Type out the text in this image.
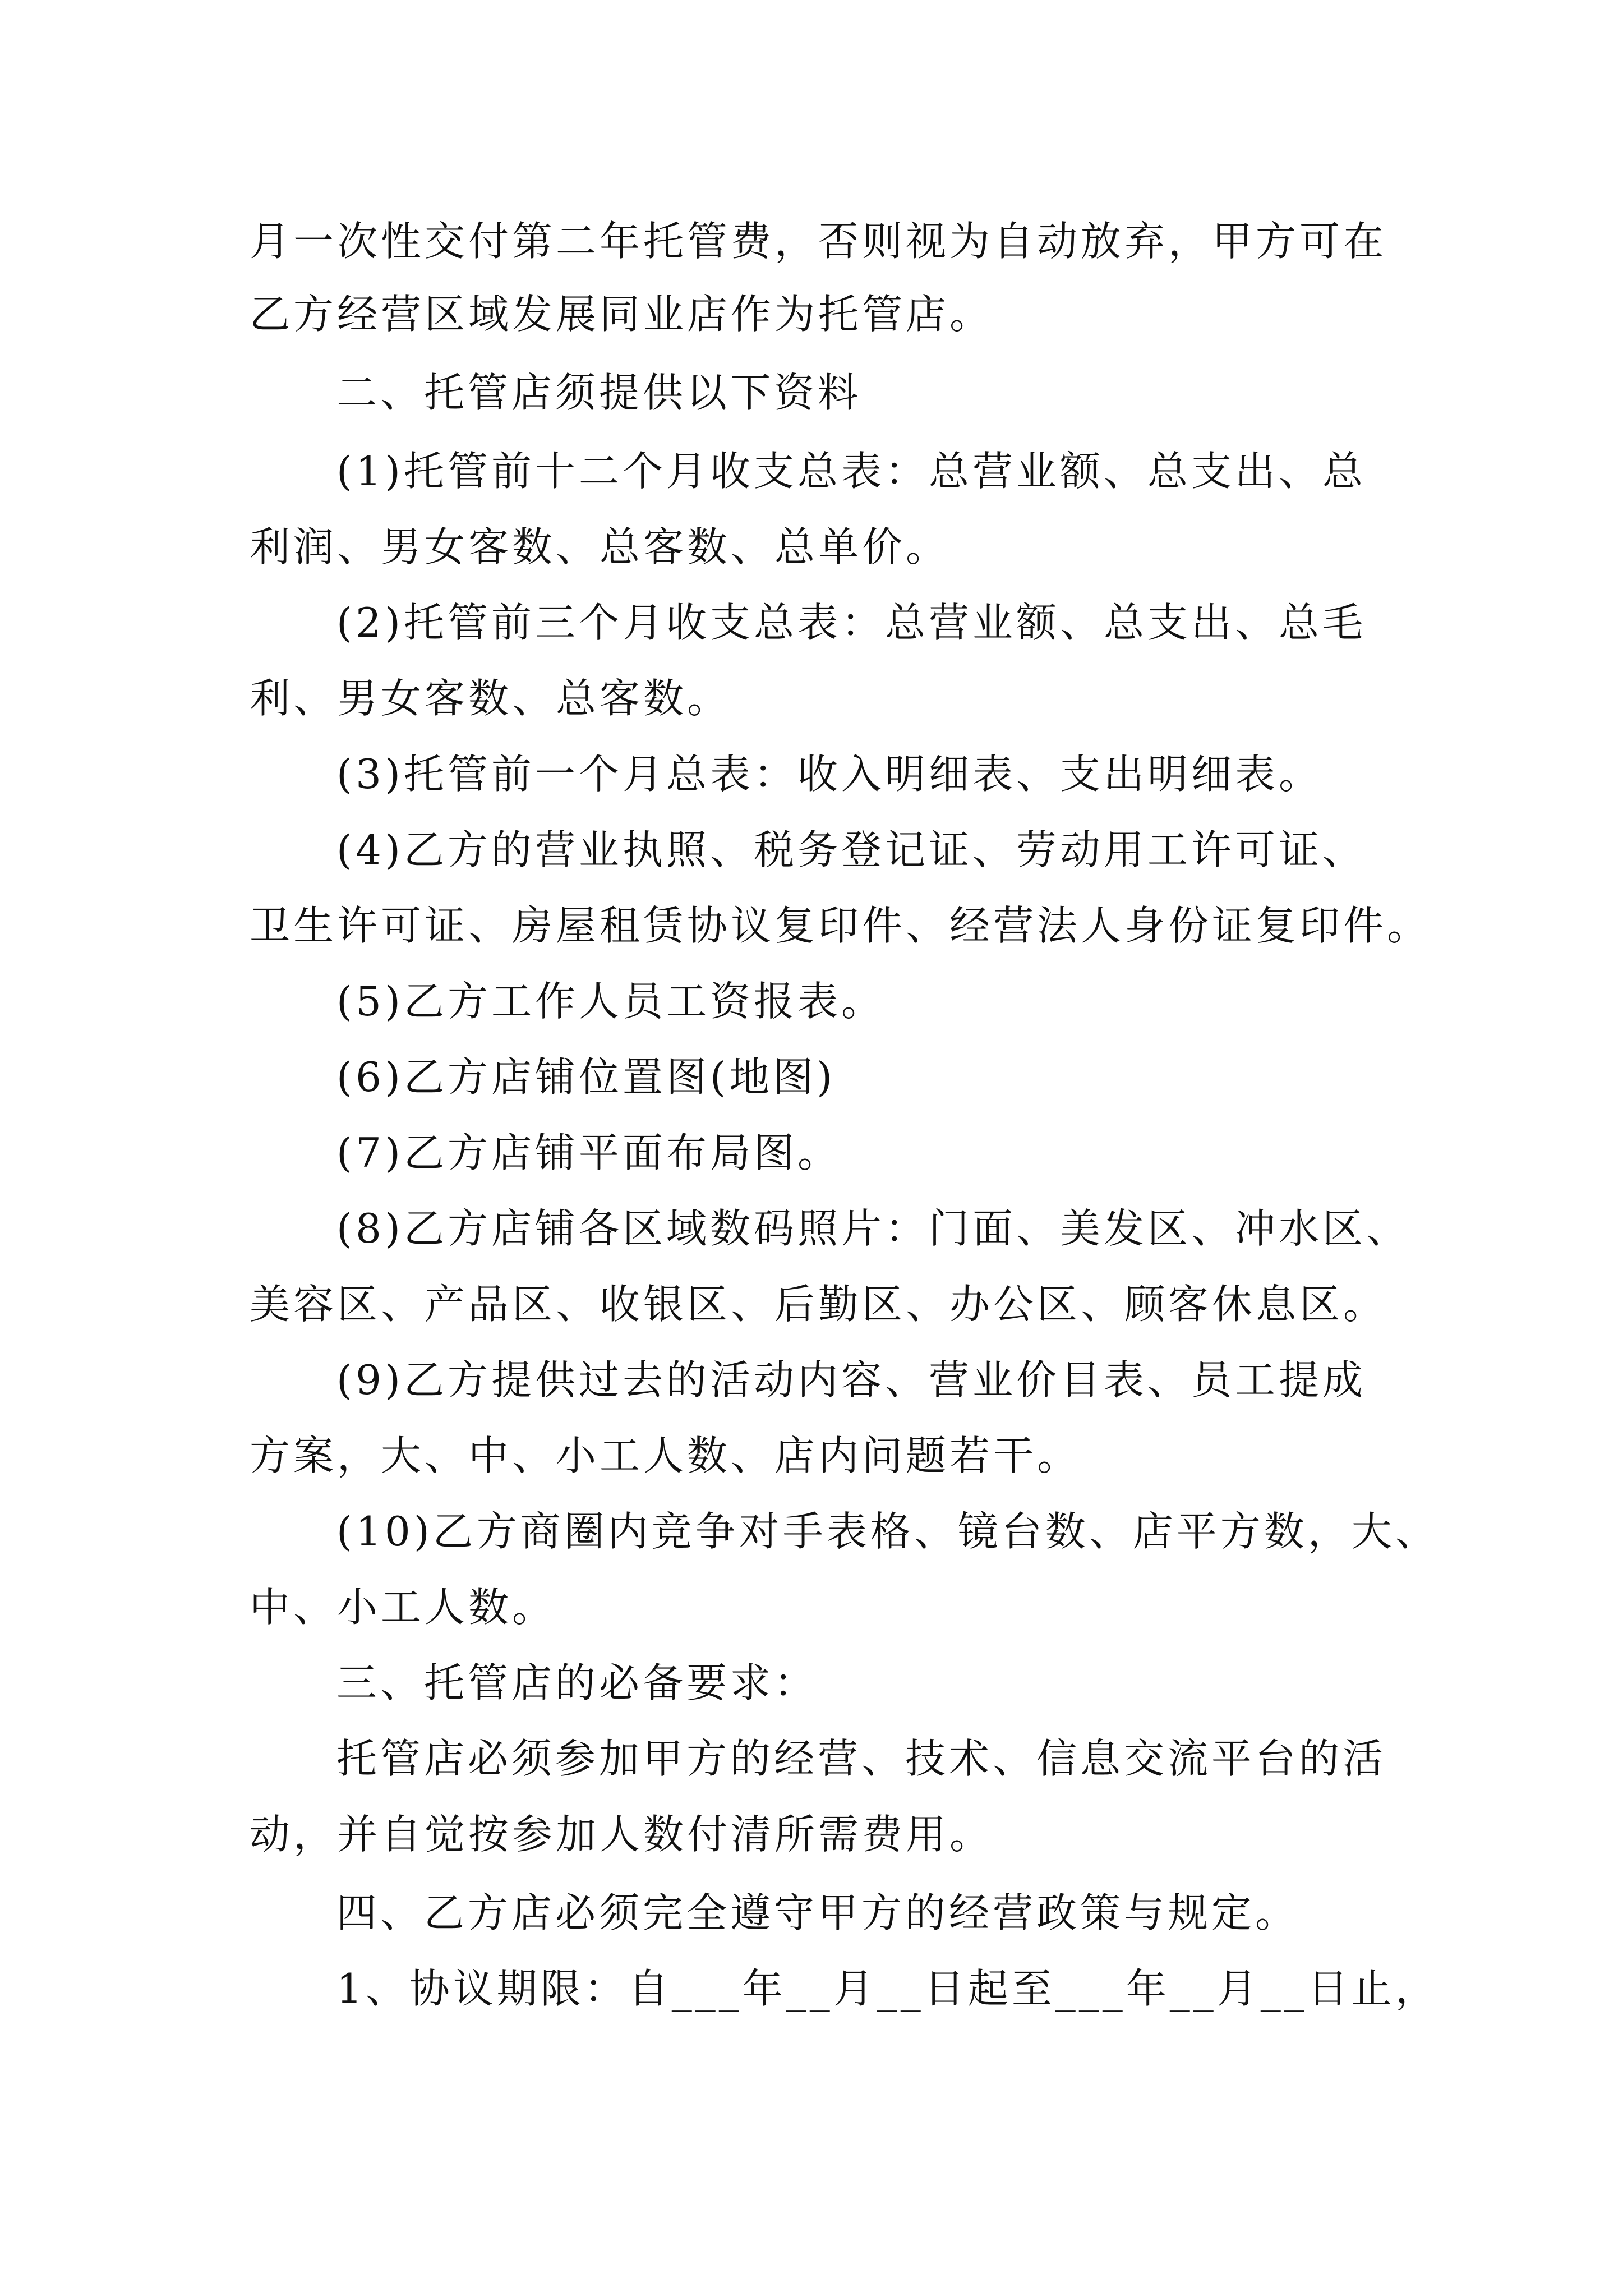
月一次性交付第二年托管费，否则视为自动放弃，甲方可在
乙方经营区域发展同业店作为托管店。
二、托管店须提供以下资料
(1)托管前十二个月收支总表：总营业额、总支出、总
利润、男女客数、总客数、总单价。
(2)托管前三个月收支总表：总营业额、总支出、总毛
利、男女客数、总客数。
(3)托管前一个月总表：收入明细表、支出明细表。
(4)乙方的营业执照、税务登记证、劳动用工许可证、
卫生许可证、房屋租赁协议复印件、经营法人身份证复印件。
(5)乙方工作人员工资报表。
(6)乙方店铺位置图(地图)
(7)乙方店铺平面布局图。
(8)乙方店铺各区域数码照片：门面、美发区、冲水区、
美容区、产品区、收银区、后勤区、办公区、顾客休息区。
(9)乙方提供过去的活动内容、营业价目表、员工提成
方案，大、中、小工人数、店内问题若干。
(10)乙方商圈内竞争对手表格、镜台数、店平方数，大、
中、小工人数。
三、托管店的必备要求：
托管店必须参加甲方的经营、技术、信息交流平台的活
动，并自觉按参加人数付清所需费用。
四、乙方店必须完全遵守甲方的经营政策与规定。
1、协议期限：自___年__月__日起至___年__月__日止，
